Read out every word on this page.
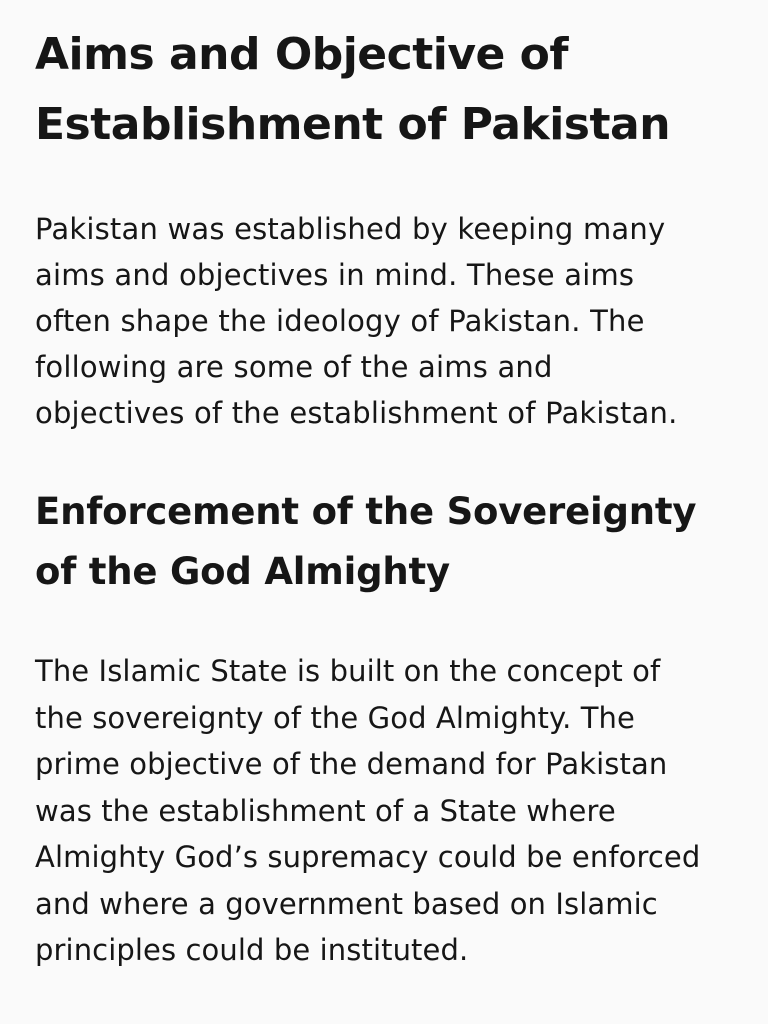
Aims and Objective of
Establishment of Pakistan

Pakistan was established by keeping many
aims and objectives in mind. These aims
often shape the ideology of Pakistan. The
following are some of the aims and
objectives of the establishment of Pakistan.

Enforcement of the Sovereignty
of the God Almighty

The Islamic State is built on the concept of
the sovereignty of the God Almighty. The
prime objective of the demand for Pakistan
was the establishment of a State where
Almighty God’s supremacy could be enforced
and where a government based on Islamic
principles could be instituted.
